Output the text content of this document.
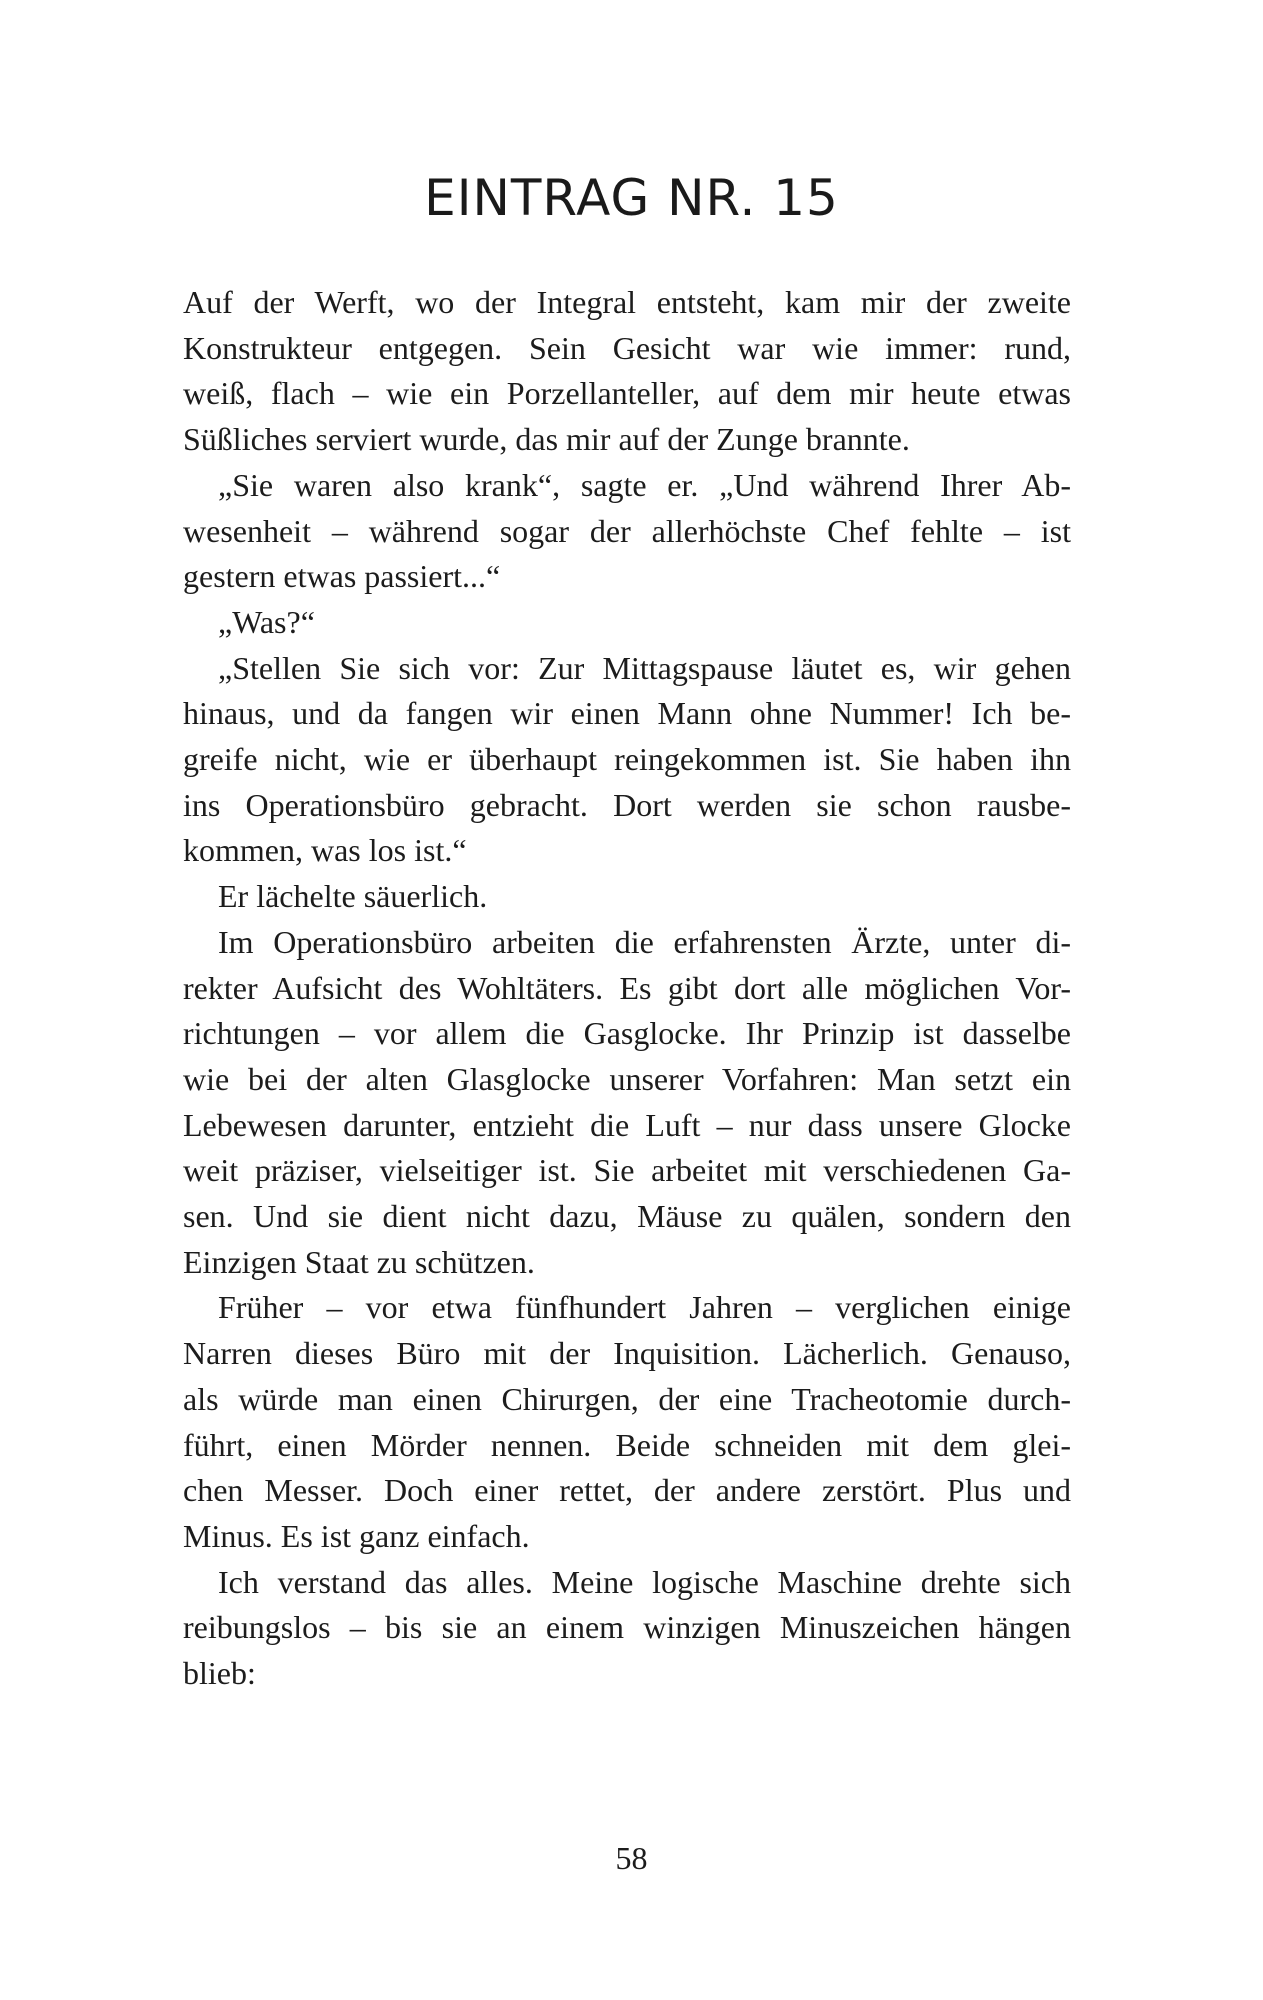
EINTRAG NR. 15
Auf der Werft, wo der Integral entsteht, kam mir der zweite
Konstrukteur entgegen. Sein Gesicht war wie immer: rund,
weiß, flach – wie ein Porzellanteller, auf dem mir heute etwas
Süßliches serviert wurde, das mir auf der Zunge brannte.
„Sie waren also krank“, sagte er. „Und während Ihrer Ab-
wesenheit – während sogar der allerhöchste Chef fehlte – ist
gestern etwas passiert...“
„Was?“
„Stellen Sie sich vor: Zur Mittagspause läutet es, wir gehen
hinaus, und da fangen wir einen Mann ohne Nummer! Ich be-
greife nicht, wie er überhaupt reingekommen ist. Sie haben ihn
ins Operationsbüro gebracht. Dort werden sie schon rausbe-
kommen, was los ist.“
Er lächelte säuerlich.
Im Operationsbüro arbeiten die erfahrensten Ärzte, unter di-
rekter Aufsicht des Wohltäters. Es gibt dort alle möglichen Vor-
richtungen – vor allem die Gasglocke. Ihr Prinzip ist dasselbe
wie bei der alten Glasglocke unserer Vorfahren: Man setzt ein
Lebewesen darunter, entzieht die Luft – nur dass unsere Glocke
weit präziser, vielseitiger ist. Sie arbeitet mit verschiedenen Ga-
sen. Und sie dient nicht dazu, Mäuse zu quälen, sondern den
Einzigen Staat zu schützen.
Früher – vor etwa fünfhundert Jahren – verglichen einige
Narren dieses Büro mit der Inquisition. Lächerlich. Genauso,
als würde man einen Chirurgen, der eine Tracheotomie durch-
führt, einen Mörder nennen. Beide schneiden mit dem glei-
chen Messer. Doch einer rettet, der andere zerstört. Plus und
Minus. Es ist ganz einfach.
Ich verstand das alles. Meine logische Maschine drehte sich
reibungslos – bis sie an einem winzigen Minuszeichen hängen
blieb:
58
